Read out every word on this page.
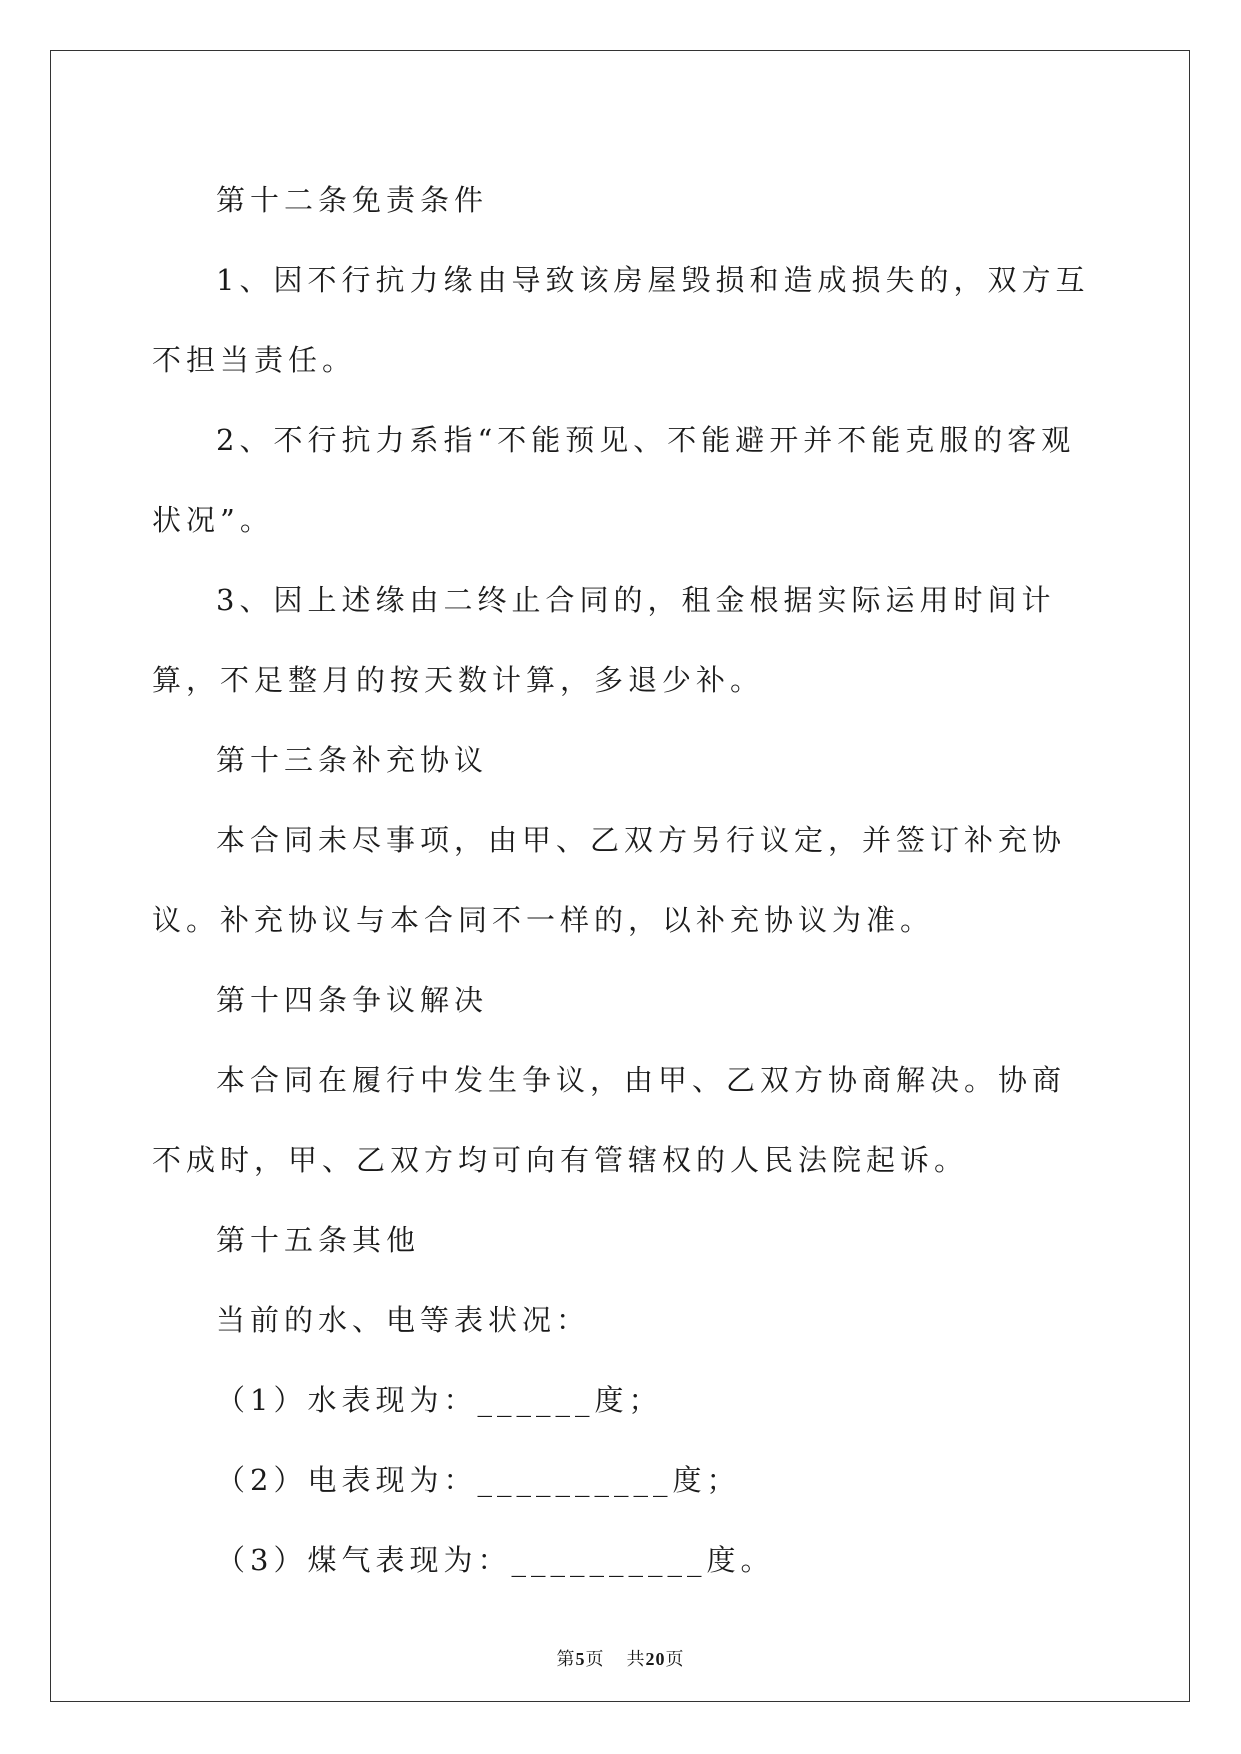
第十二条免责条件

1、因不行抗力缘由导致该房屋毁损和造成损失的，双方互不担当责任。

2、不行抗力系指“不能预见、不能避开并不能克服的客观状况”。

3、因上述缘由二终止合同的，租金根据实际运用时间计算，不足整月的按天数计算，多退少补。

第十三条补充协议

本合同未尽事项，由甲、乙双方另行议定，并签订补充协议。补充协议与本合同不一样的，以补充协议为准。

第十四条争议解决

本合同在履行中发生争议，由甲、乙双方协商解决。协商不成时，甲、乙双方均可向有管辖权的人民法院起诉。

第十五条其他

当前的水、电等表状况：

（1）水表现为：______度；

（2）电表现为：__________度；

（3）煤气表现为：__________度。

第5页 共20页
